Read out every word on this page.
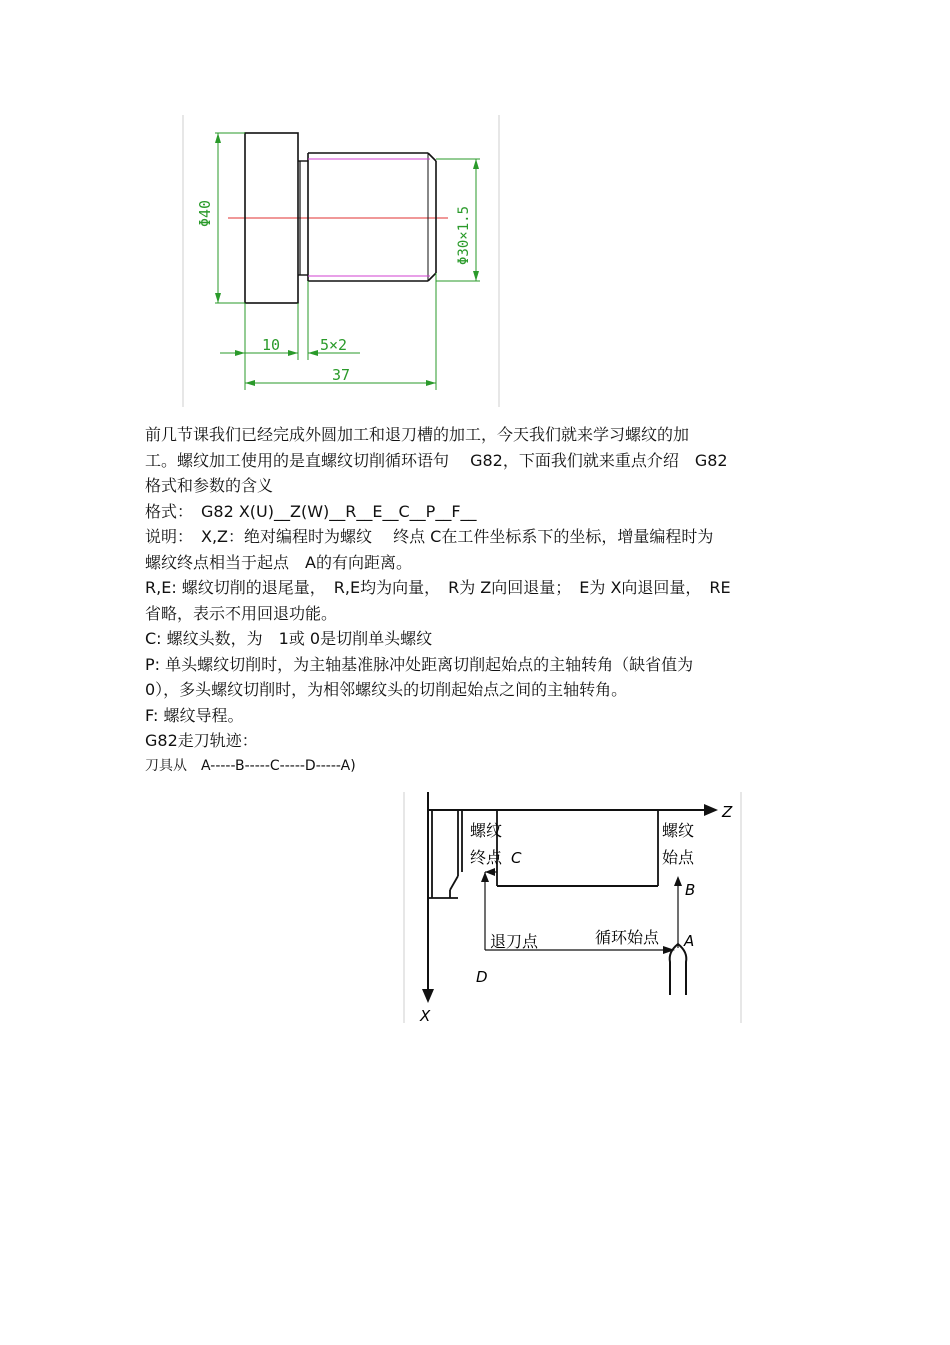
Φ40	Φ30×1.5
10	5×2
37

前几节课我们已经完成外圆加工和退刀槽的加工，今天我们就来学习螺纹的加

工。螺纹加工使用的是直螺纹切削循环语句　 G82，下面我们就来重点介绍　G82

格式和参数的含义

格式：　G82 X(U)__Z(W)__R__E__C__P__F__

说明：　X,Z：绝对编程时为螺纹　 终点 C在工件坐标系下的坐标，增量编程时为

螺纹终点相当于起点　A的有向距离。

R,E: 螺纹切削的退尾量，　R,E均为向量，　R为 Z向回退量；　E为 X向退回量，　RE

省略，表示不用回退功能。

C: 螺纹头数，为　1或 0是切削单头螺纹

P: 单头螺纹切削时，为主轴基准脉冲处距离切削起始点的主轴转角（缺省值为

0），多头螺纹切削时，为相邻螺纹头的切削起始点之间的主轴转角。

F: 螺纹导程。

G82走刀轨迹：

刀具从　A-----B-----C-----D-----A)

X
Z
螺纹
终点 C
螺纹
始点
B
退刀点	循环始点 A
D
